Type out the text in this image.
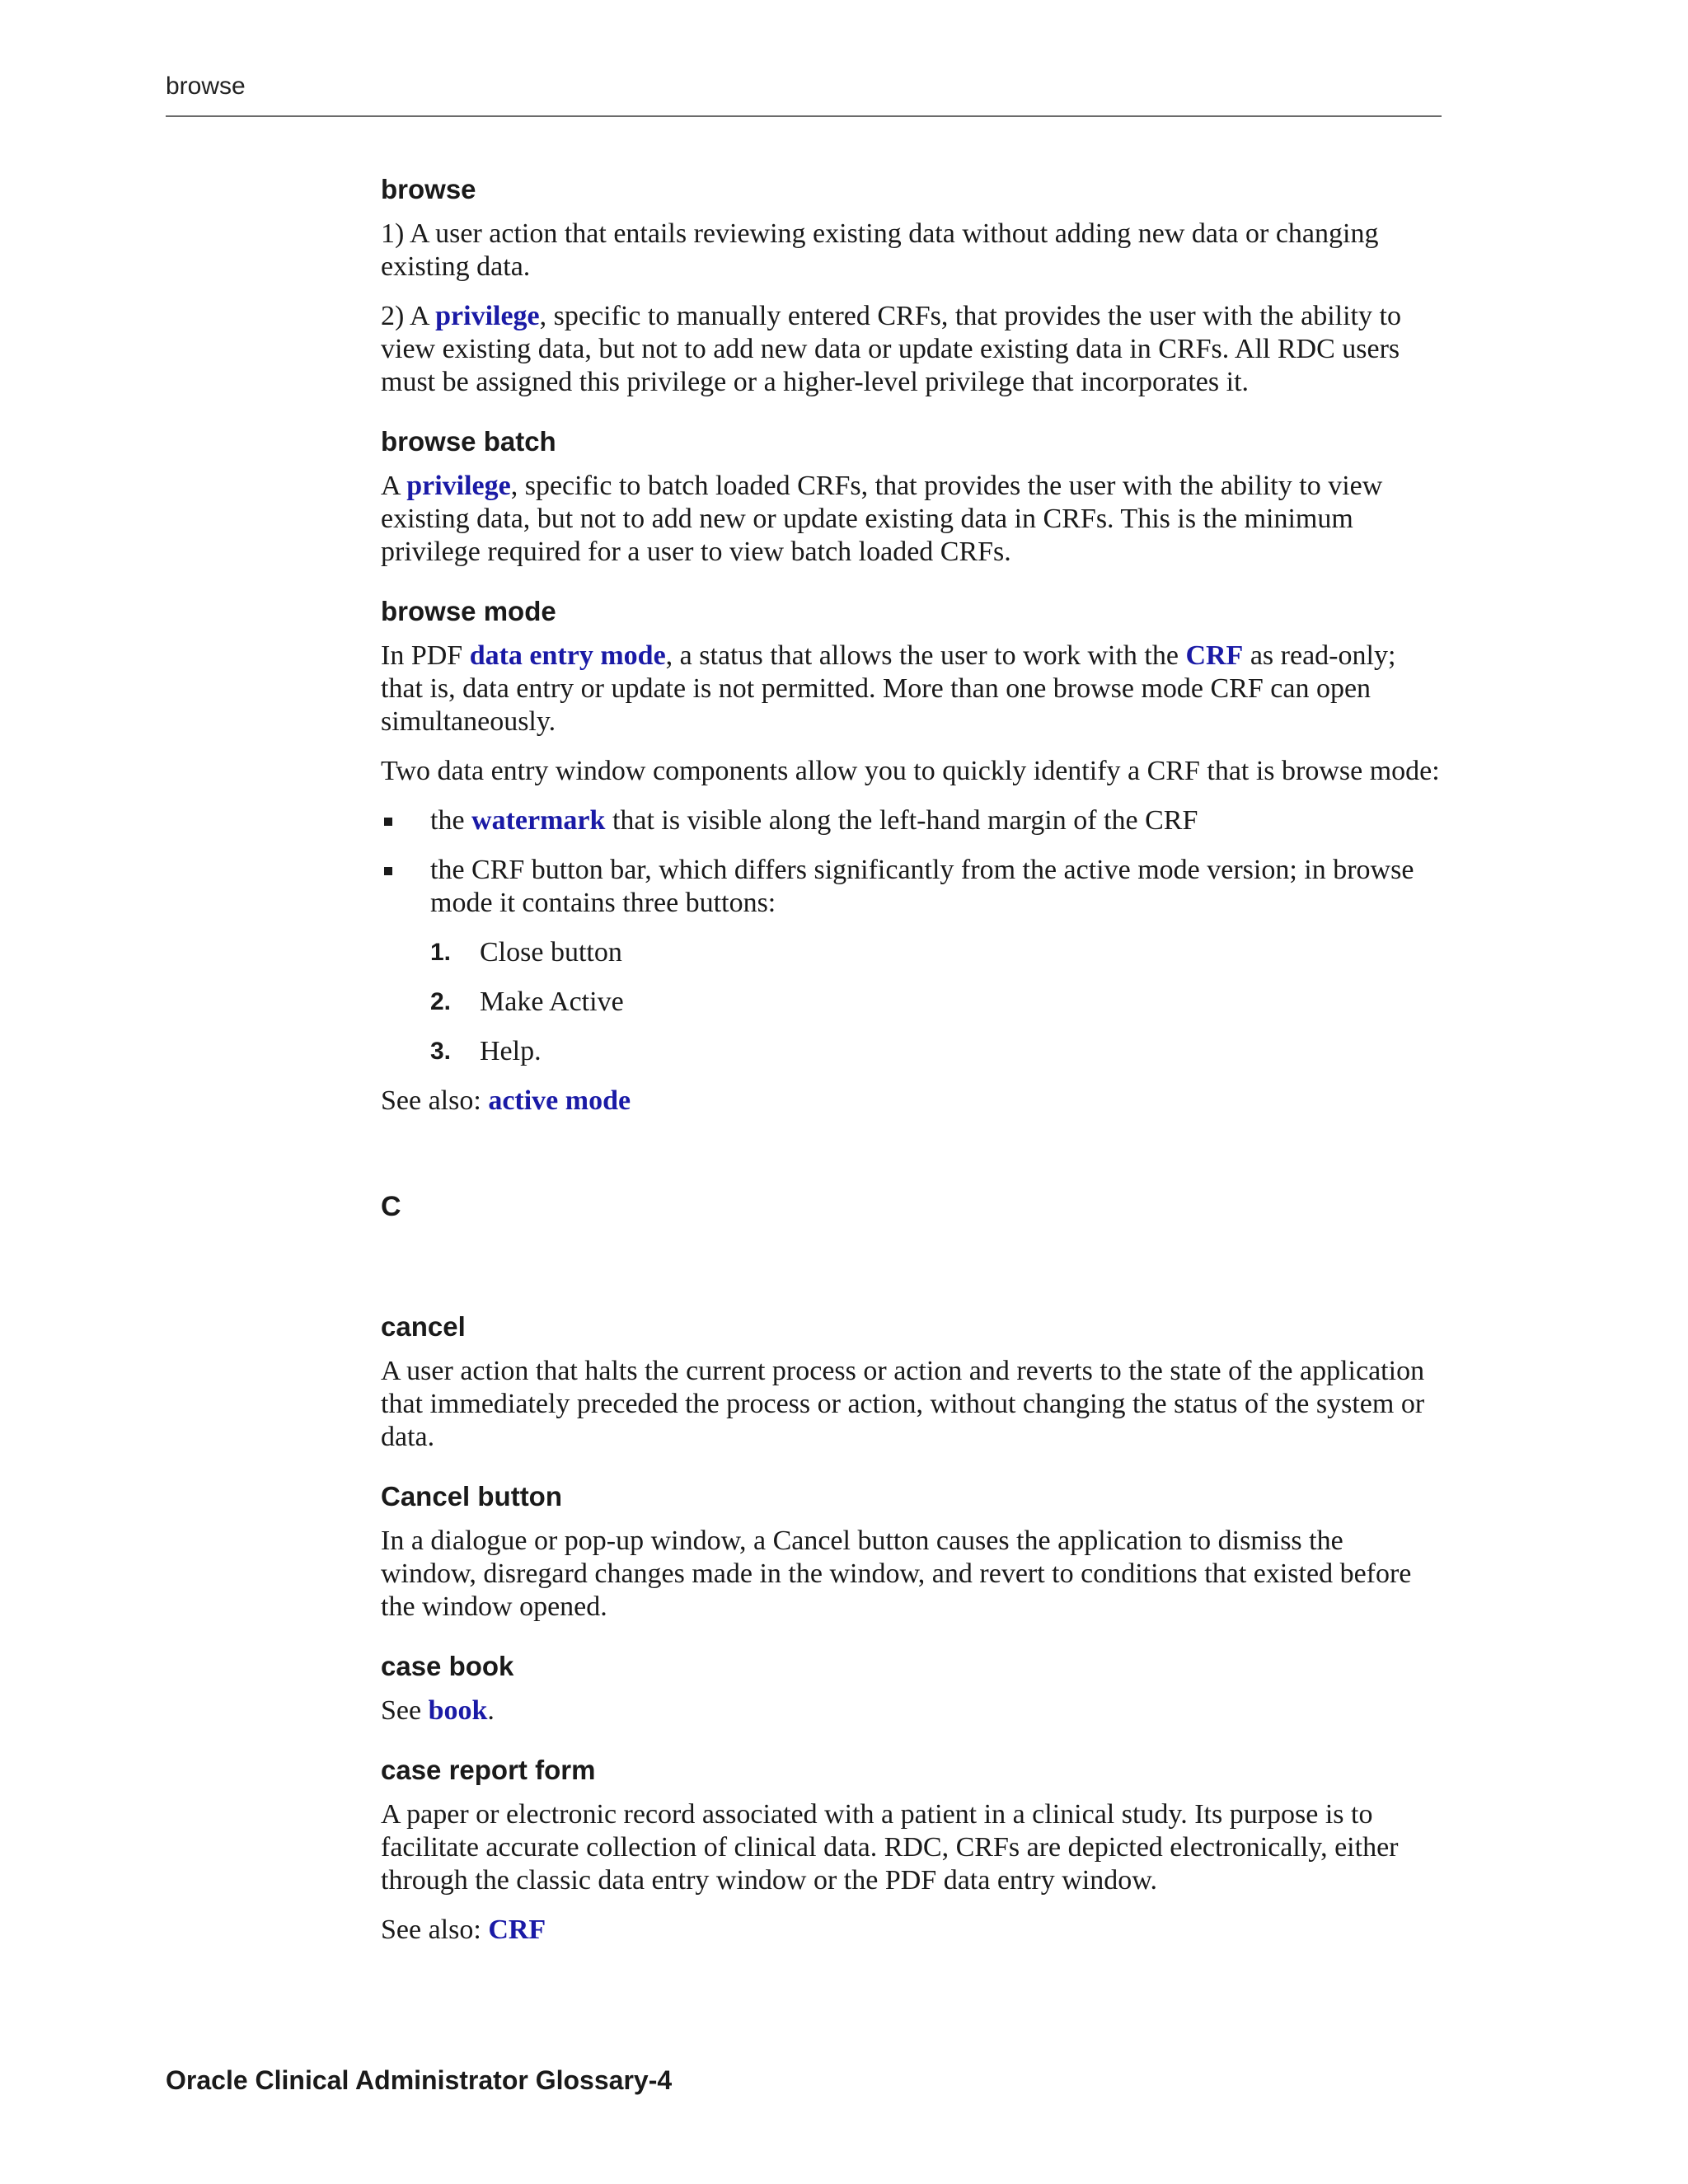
browse
browse

1) A user action that entails reviewing existing data without adding new data or changing existing data.

2) A privilege, specific to manually entered CRFs, that provides the user with the ability to view existing data, but not to add new data or update existing data in CRFs. All RDC users must be assigned this privilege or a higher-level privilege that incorporates it.

browse batch

A privilege, specific to batch loaded CRFs, that provides the user with the ability to view existing data, but not to add new or update existing data in CRFs. This is the minimum privilege required for a user to view batch loaded CRFs.

browse mode

In PDF data entry mode, a status that allows the user to work with the CRF as read-only; that is, data entry or update is not permitted. More than one browse mode CRF can open simultaneously.

Two data entry window components allow you to quickly identify a CRF that is browse mode:

the watermark that is visible along the left-hand margin of the CRF
the CRF button bar, which differs significantly from the active mode version; in browse mode it contains three buttons:
1. Close button
2. Make Active
3. Help.

See also: active mode

C
cancel

A user action that halts the current process or action and reverts to the state of the application that immediately preceded the process or action, without changing the status of the system or data.

Cancel button

In a dialogue or pop-up window, a Cancel button causes the application to dismiss the window, disregard changes made in the window, and revert to conditions that existed before the window opened.

case book

See book.

case report form

A paper or electronic record associated with a patient in a clinical study. Its purpose is to facilitate accurate collection of clinical data. RDC, CRFs are depicted electronically, either through the classic data entry window or the PDF data entry window.

See also: CRF

Oracle Clinical Administrator Glossary-4
